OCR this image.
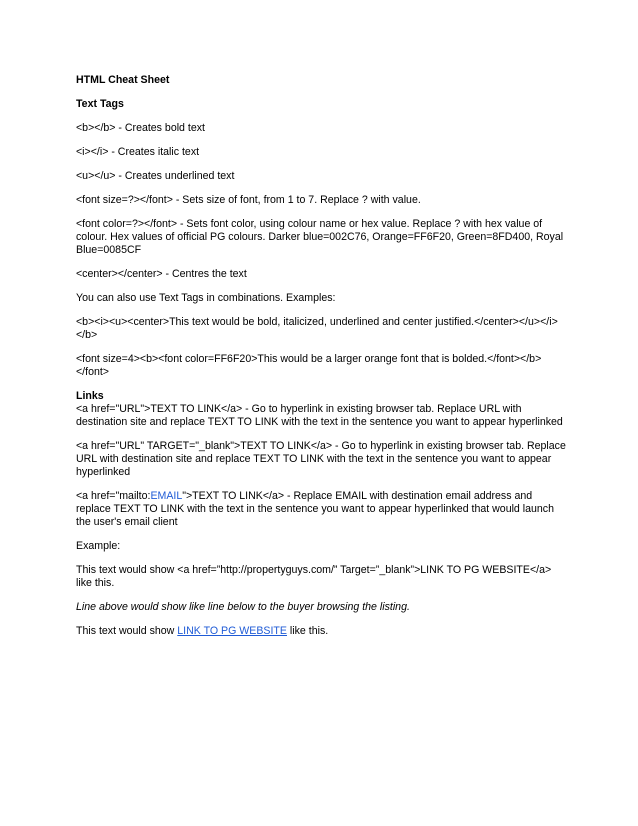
HTML Cheat Sheet

Text Tags

<b></b> - Creates bold text

<i></i> - Creates italic text

<u></u> - Creates underlined text

<font size=?></font> - Sets size of font, from 1 to 7. Replace ? with value.

<font color=?></font> - Sets font color, using colour name or hex value. Replace ? with hex value of colour. Hex values of official PG colours. Darker blue=002C76, Orange=FF6F20, Green=8FD400, Royal Blue=0085CF

<center></center> - Centres the text

You can also use Text Tags in combinations. Examples:

<b><i><u><center>This text would be bold, italicized, underlined and center justified.</center></u></i></b>

<font size=4><b><font color=FF6F20>This would be a larger orange font that is bolded.</font></b></font>

Links

<a href="URL">TEXT TO LINK</a> - Go to hyperlink in existing browser tab. Replace URL with destination site and replace TEXT TO LINK with the text in the sentence you want to appear hyperlinked

<a href="URL" TARGET="_blank">TEXT TO LINK</a> - Go to hyperlink in existing browser tab. Replace URL with destination site and replace TEXT TO LINK with the text in the sentence you want to appear hyperlinked

<a href="mailto:EMAIL">TEXT TO LINK</a> - Replace EMAIL with destination email address and replace TEXT TO LINK with the text in the sentence you want to appear hyperlinked that would launch the user's email client

Example:

This text would show <a href=”http://propertyguys.com/” Target=”_blank”>LINK TO PG WEBSITE</a> like this.

Line above would show like line below to the buyer browsing the listing.

This text would show LINK TO PG WEBSITE like this.
